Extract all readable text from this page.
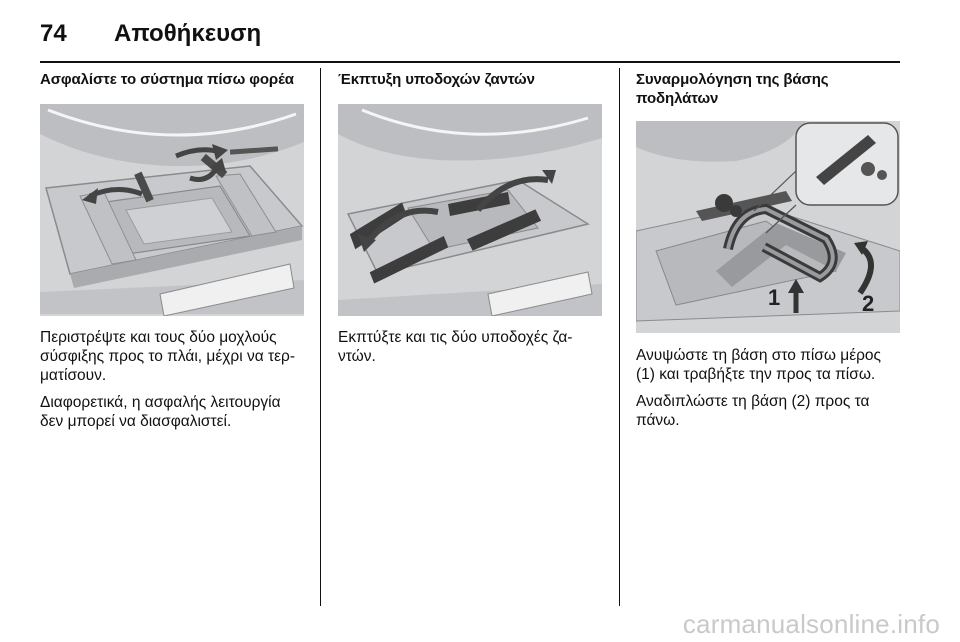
74	Αποθήκευση
Ασφαλίστε το σύστημα πίσω φορέα

Περιστρέψτε και τους δύο μοχλούς σύσφιξης προς το πλάι, μέχρι να τερ-ματίσουν.

Διαφορετικά, η ασφαλής λειτουργία δεν μπορεί να διασφαλιστεί.

Έκπτυξη υποδοχών ζαντών

Εκπτύξτε και τις δύο υποδοχές ζα-ντών.

Συναρμολόγηση της βάσης ποδηλάτων
1	2

Ανυψώστε τη βάση στο πίσω μέρος (1) και τραβήξτε την προς τα πίσω.

Αναδιπλώστε τη βάση (2) προς τα πάνω.

carmanualsonline.info
